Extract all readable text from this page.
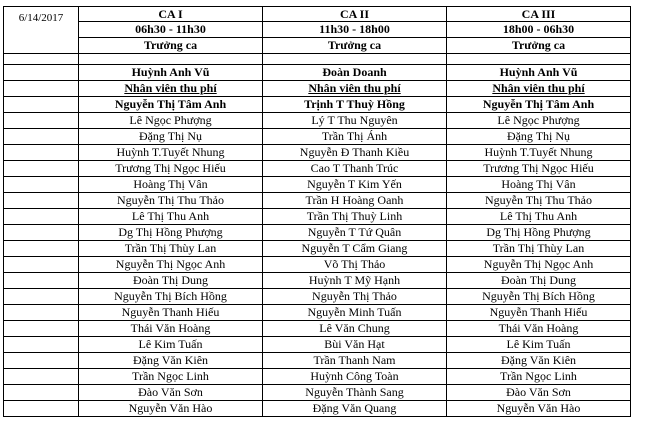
6/14/2017	CA I	CA II	CA III
	06h30 - 11h30	11h30 - 18h00	18h00 - 06h30
	Trưởng ca	Trưởng ca	Trưởng ca

	Huỳnh Anh Vũ	Đoàn Doanh	Huỳnh Anh Vũ
	Nhân viên thu phí	Nhân viên thu phí	Nhân viên thu phí
	Nguyễn Thị Tâm Anh	Trịnh T Thuỳ Hồng	Nguyễn Thị Tâm Anh
	Lê Ngọc Phượng	Lý T Thu Nguyên	Lê Ngọc Phượng
	Đặng Thị Nụ	Trần Thị Ánh	Đặng Thị Nụ
	Huỳnh T.Tuyết Nhung	Nguyễn Đ Thanh Kiều	Huỳnh T.Tuyết Nhung
	Trương Thị Ngọc Hiếu	Cao T Thanh Trúc	Trương Thị Ngọc Hiếu
	Hoàng Thị Vân	Nguyễn T Kim Yến	Hoàng Thị Vân
	Nguyễn Thị Thu Thảo	Trần H Hoàng Oanh	Nguyễn Thị Thu Thảo
	Lê Thị Thu Anh	Trần Thị Thuỳ Linh	Lê Thị Thu Anh
	Dg Thị Hồng Phượng	Nguyễn T Tứ Quân	Dg Thị Hồng Phượng
	Trần Thị Thùy Lan	Nguyễn T Cẩm Giang	Trần Thị Thùy Lan
	Nguyễn Thị Ngọc Anh	Võ Thị Thảo	Nguyễn Thị Ngọc Anh
	Đoàn Thị Dung	Huỳnh T Mỹ Hạnh	Đoàn Thị Dung
	Nguyễn Thị Bích Hồng	Nguyễn Thị Thảo	Nguyễn Thị Bích Hồng
	Nguyễn Thanh Hiếu	Nguyễn Minh Tuấn	Nguyễn Thanh Hiếu
	Thái Văn Hoàng	Lê Văn Chung	Thái Văn Hoàng
	Lê Kim Tuấn	Bùi Văn Hạt	Lê Kim Tuấn
	Đặng Văn Kiên	Trần Thanh Nam	Đặng Văn Kiên
	Trần Ngọc Linh	Huỳnh Công Toàn	Trần Ngọc Linh
	Đào Văn Sơn	Nguyễn Thành Sang	Đào Văn Sơn
	Nguyễn Văn Hào	Đặng Văn Quang	Nguyễn Văn Hào
